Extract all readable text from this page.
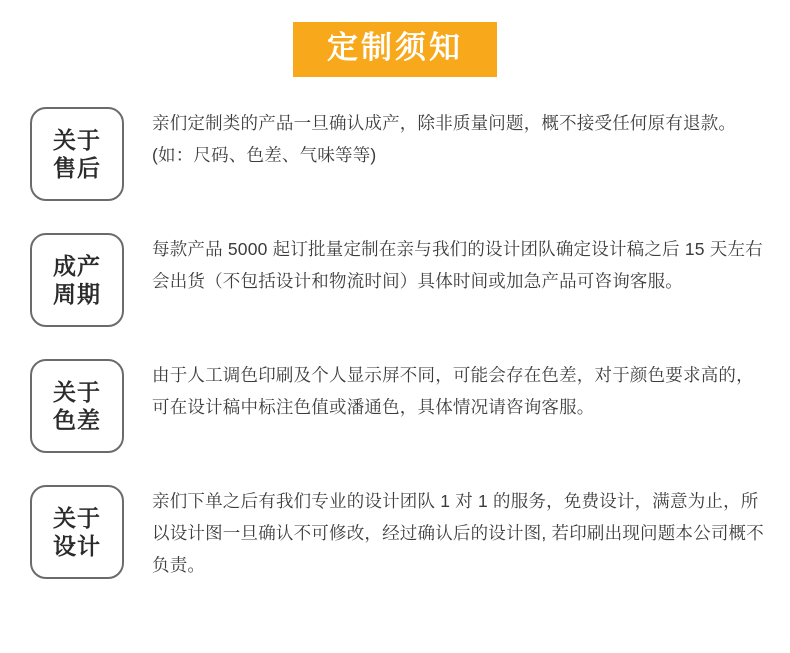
定制须知
关于
售后
亲们定制类的产品一旦确认成产，除非质量问题，概不接受任何原有退款。(如：尺码、色差、气味等等)
成产
周期
每款产品 5000 起订批量定制在亲与我们的设计团队确定设计稿之后 15 天左右会出货（不包括设计和物流时间）具体时间或加急产品可咨询客服。
关于
色差
由于人工调色印刷及个人显示屏不同，可能会存在色差，对于颜色要求高的，可在设计稿中标注色值或潘通色，具体情况请咨询客服。
关于
设计
亲们下单之后有我们专业的设计团队 1 对 1 的服务，免费设计，满意为止，所以设计图一旦确认不可修改，经过确认后的设计图, 若印刷出现问题本公司概不负责。
